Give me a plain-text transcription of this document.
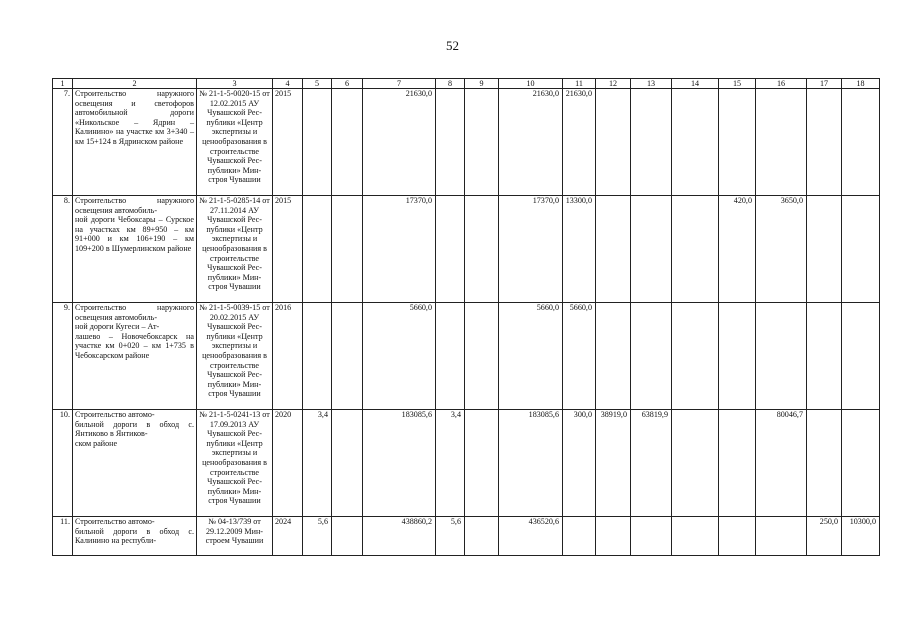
52
1	2	3	4	5	6	7	8	9	10	11	12	13	14	15	16	17	18
7.	Строительство наружного освещения и светофоров автомобильной дороги «Никольское – Ядрин – Калинино» на участке км 3+340 – км 15+124 в Ядринском районе	№ 21-1-5-0020-15 от 12.02.2015 АУ Чувашской Рес-
публики «Центр экспертизы и ценообразования в строительстве Чувашской Рес-
публики» Мин-
строя Чувашии	2015			21630,0			21630,0	21630,0							
8.	Строительство наружного освещения автомобиль-
ной дороги Чебоксары – Сурское на участках км 89+950 – км 91+000 и км 106+190 – км 109+200 в Шумерлинском районе	№ 21-1-5-0285-14 от 27.11.2014 АУ Чувашской Рес-
публики «Центр экспертизы и ценообразования в строительстве Чувашской Рес-
публики» Мин-
строя Чувашии	2015			17370,0			17370,0	13300,0				420,0	3650,0		
9.	Строительство наружного освещения автомобиль-
ной дороги Кугеси – Ат-
лашево – Новочебоксарск на участке км 0+020 – км 1+735 в Чебоксарском районе	№ 21-1-5-0039-15 от 20.02.2015 АУ Чувашской Рес-
публики «Центр экспертизы и ценообразования в строительстве Чувашской Рес-
публики» Мин-
строя Чувашии	2016			5660,0			5660,0	5660,0							
10.	Строительство автомо-
бильной дороги в обход с. Янтиково в Янтиков-
ском районе	№ 21-1-5-0241-13 от 17.09.2013 АУ Чувашской Рес-
публики «Центр экспертизы и ценообразования в строительстве Чувашской Рес-
публики» Мин-
строя Чувашии	2020	3,4		183085,6	3,4		183085,6	300,0	38919,0	63819,9			80046,7		
11.	Строительство автомо-
бильной дороги в обход с. Калинино на республи-	№ 04-13/739 от 29.12.2009 Мин-
строем Чувашии	2024	5,6		438860,2	5,6		436520,6							250,0	10300,0
